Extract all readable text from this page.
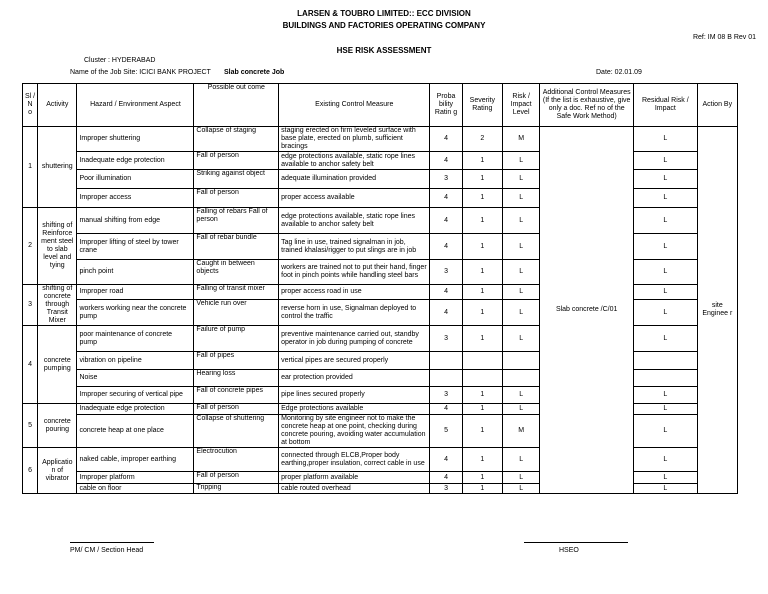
LARSEN & TOUBRO LIMITED:: ECC DIVISION
BUILDINGS AND FACTORIES OPERATING COMPANY
Ref: IM 08 B Rev 01
HSE RISK ASSESSMENT
Cluster : HYDERABAD
Name of the Job Site: ICICI BANK PROJECT Slab concrete Job	Date: 02.01.09
Sl / N o	Activity	Hazard / Environment Aspect	Possible out come	Existing Control Measure	Proba bility Ratin g	Severity Rating	Risk / Impact Level	Additional Control Measures (If the list is exhaustive, give only a doc. Ref no of the Safe Work Method)	Residual Risk / Impact	Action By
1	shuttering	Improper shuttering	Collapse of staging	staging erected on firm leveled surface with base plate, erected on plumb, sufficient bracings	4	2	M	Slab concrete /C/01	L	site Enginee r
		Inadequate edge protection	Fall of person	edge protections available, static rope lines available to anchor safety belt	4	1	L		L	
		Poor illumination	Striking against object	adequate illumination provided	3	1	L		L	
		Improper access	Fall of person	proper access available	4	1	L		L	
2	shifting of Reinforce ment steel to slab level and tying	manual shifting from edge	Falling of rebars Fall of person	edge protections available, static rope lines available to anchor safety belt	4	1	L		L	
		Improper lifting of steel by tower crane	Fall of rebar bundle	Tag line in use, trained signalman in job, trained khalasi/rigger to put slings are in job	4	1	L		L	
		pinch point	Caught in between objects	workers are trained not to put their hand, finger foot in pinch points while handling steel bars	3	1	L		L	
3	shifting of concrete through Transit Mixer	Improper road	Falling of transit mixer	proper access road in use	4	1	L		L	
		workers working near the concrete pump	Vehicle run over	reverse horn in use, Signalman deployed to control the traffic	4	1	L		L	
4	concrete pumping	poor maintenance of concrete pump	Failure of pump	preventive maintenance carried out, standby operator in job during pumping of concrete	3	1	L		L	
		vibration on pipeline	Fall of pipes	vertical pipes are secured properly						
		Noise	Hearing loss	ear protection provided						
		Improper securing of vertical pipe	Fall of concrete pipes	pipe lines secured properly	3	1	L		L	
5	concrete pouring	Inadequate edge protection	Fall of person	Edge protections available	4	1	L		L	
		concrete heap at one place	Collapse of shuttering	Monitoring by site engineer not to make the concrete heap at one point, checking during concrete pouring, avoiding water accumulation at bottom	5	1	M		L	
6	Applicatio n of vibrator	naked cable, improper earthing	Electrocution	connected through ELCB,Proper body earthing,proper insulation, correct cable in use	4	1	L		L	
		Improper platform	Fall of person	proper platform available	4	1	L		L	
		cable on floor	Tripping	cable routed overhead	3	1	L		L	
PM/ CM / Section Head	HSEO
